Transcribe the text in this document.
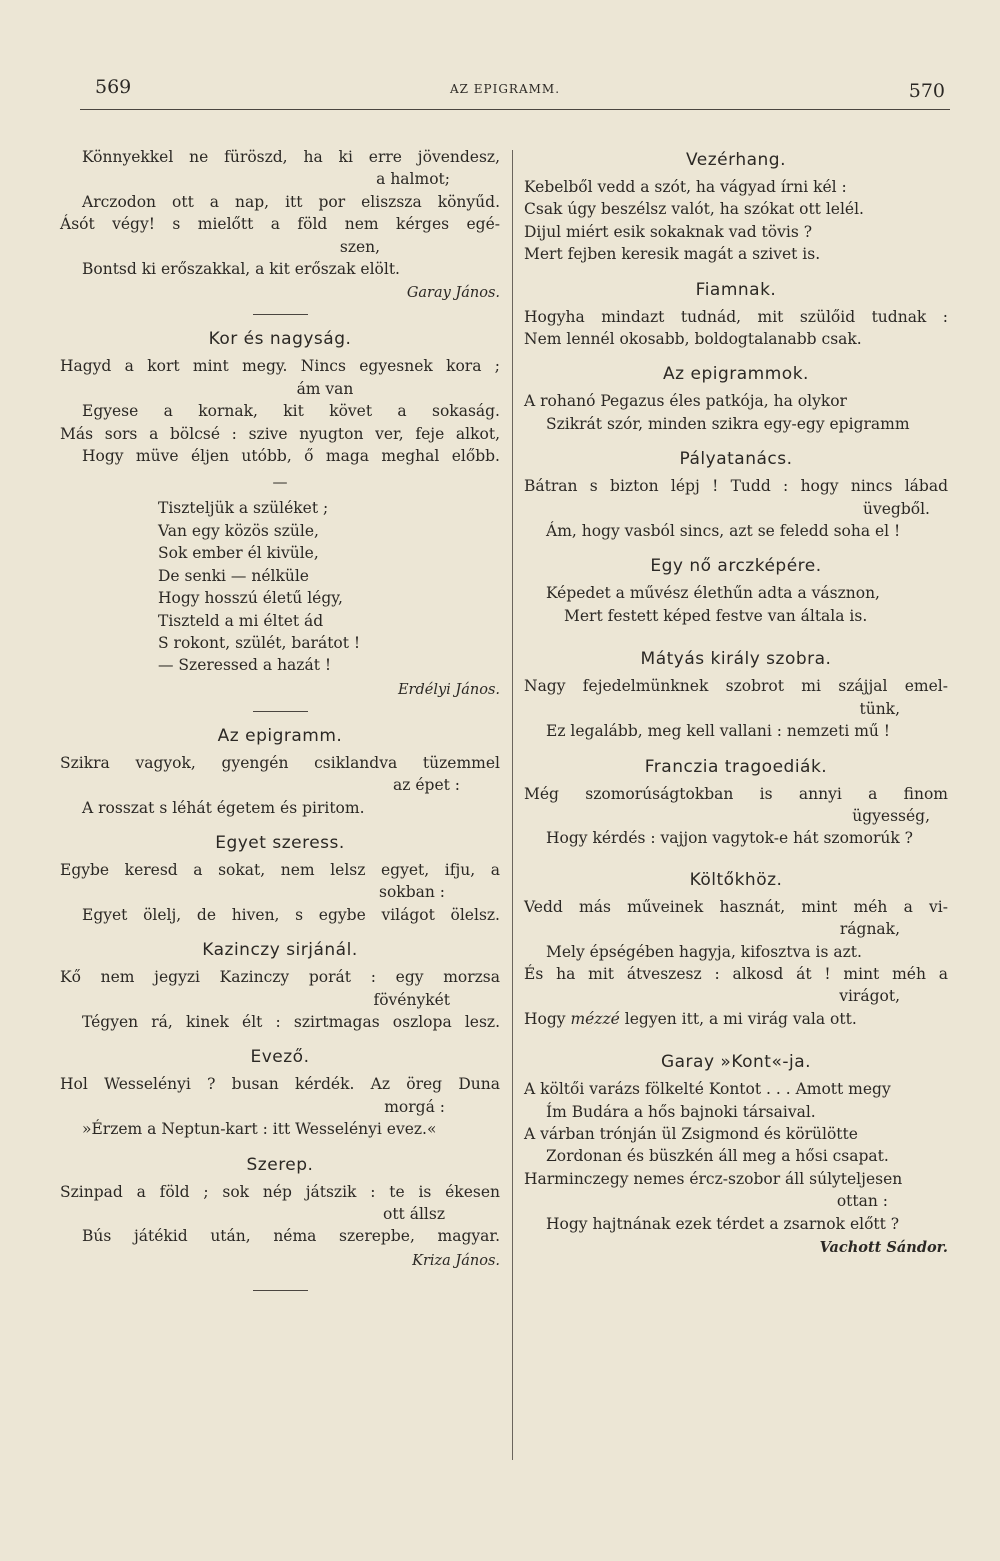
569	AZ EPIGRAMM.	570
Könnyekkel ne füröszd, ha ki erre jövendesz,
a halmot;
Arczodon ott a nap, itt por eliszsza könyűd.
Ásót végy! s mielőtt a föld nem kérges egé-
szen,
Bontsd ki erőszakkal, a kit erőszak elölt.
Garay János.
Kor és nagyság.
Hagyd a kort mint megy. Nincs egyesnek kora ;
ám van
Egyese a kornak, kit követ a sokaság.
Más sors a bölcsé : szive nyugton ver, feje alkot,
Hogy müve éljen utóbb, ő maga meghal előbb.
—
Tiszteljük a szüléket ;
Van egy közös szüle,
Sok ember él kivüle,
De senki — nélküle
Hogy hosszú életű légy,
Tiszteld a mi éltet ád
S rokont, szülét, barátot !
— Szeressed a hazát !
Erdélyi János.
Az epigramm.
Szikra vagyok, gyengén csiklandva tüzemmel
az épet :
A rosszat s léhát égetem és piritom.
Egyet szeress.
Egybe keresd a sokat, nem lelsz egyet, ifju, a
sokban :
Egyet ölelj, de hiven, s egybe világot ölelsz.
Kazinczy sirjánál.
Kő nem jegyzi Kazinczy porát : egy morzsa
fövénykét
Tégyen rá, kinek élt : szirtmagas oszlopa lesz.
Evező.
Hol Wesselényi ? busan kérdék. Az öreg Duna
morgá :
»Érzem a Neptun-kart : itt Wesselényi evez.«
Szerep.
Szinpad a föld ; sok nép játszik : te is ékesen
ott állsz
Bús játékid után, néma szerepbe, magyar.
Kriza János.
Vezérhang.
Kebelből vedd a szót, ha vágyad írni kél :
Csak úgy beszélsz valót, ha szókat ott lelél.
Dijul miért esik sokaknak vad tövis ?
Mert fejben keresik magát a szivet is.
Fiamnak.
Hogyha mindazt tudnád, mit szülőid tudnak :
Nem lennél okosabb, boldogtalanabb csak.
Az epigrammok.
A rohanó Pegazus éles patkója, ha olykor
Szikrát szór, minden szikra egy-egy epigramm
Pályatanács.
Bátran s bizton lépj ! Tudd : hogy nincs lábad
üvegből.
Ám, hogy vasból sincs, azt se feledd soha el !
Egy nő arczképére.
Képedet a művész élethűn adta a vásznon,
Mert festett képed festve van általa is.
Mátyás király szobra.
Nagy fejedelmünknek szobrot mi szájjal emel-
tünk,
Ez legalább, meg kell vallani : nemzeti mű !
Franczia tragoediák.
Még szomorúságtokban is annyi a finom
ügyesség,
Hogy kérdés : vajjon vagytok-e hát szomorúk ?
Költőkhöz.
Vedd más műveinek hasznát, mint méh a vi-
rágnak,
Mely épségében hagyja, kifosztva is azt.
És ha mit átveszesz : alkosd át ! mint méh a
virágot,
Hogy mézzé legyen itt, a mi virág vala ott.
Garay »Kont«-ja.
A költői varázs fölkelté Kontot . . . Amott megy
Ím Budára a hős bajnoki társaival.
A várban trónján ül Zsigmond és körülötte
Zordonan és büszkén áll meg a hősi csapat.
Harminczegy nemes ércz-szobor áll súlyteljesen
ottan :
Hogy hajtnának ezek térdet a zsarnok előtt ?
Vachott Sándor.
